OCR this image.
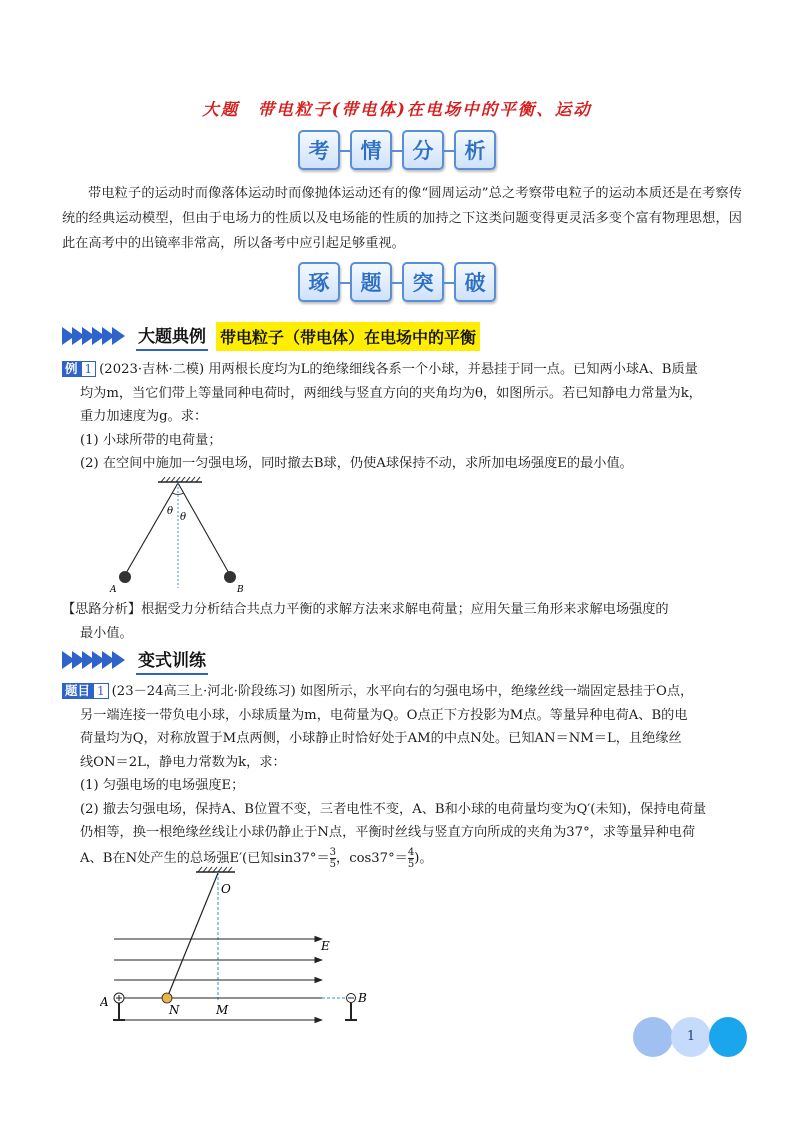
大题　带电粒子(带电体)在电场中的平衡、运动
考	情	分	析
带电粒子的运动时而像落体运动时而像抛体运动还有的像“圆周运动”总之考察带电粒子的运动本质还是在考察传统的经典运动模型，但由于电场力的性质以及电场能的性质的加持之下这类问题变得更灵活多变个富有物理思想，因此在高考中的出镜率非常高，所以备考中应引起足够重视。
琢	题	突	破
大题典例 带电粒子（带电体）在电场中的平衡
例 1 (2023·吉林·二模) 用两根长度均为L的绝缘细线各系一个小球，并悬挂于同一点。已知两小球A、B质量
均为m，当它们带上等量同种电荷时，两细线与竖直方向的夹角均为θ，如图所示。若已知静电力常量为k，
重力加速度为g。求：
(1) 小球所带的电荷量；
(2) 在空间中施加一匀强电场，同时撤去B球，仍使A球保持不动，求所加电场强度E的最小值。
θ
θ
A	B
【思路分析】根据受力分析结合共点力平衡的求解方法来求解电荷量；应用矢量三角形来求解电场强度的
最小值。
变式训练
题目 1 (23－24高三上·河北·阶段练习) 如图所示，水平向右的匀强电场中，绝缘丝线一端固定悬挂于O点，
另一端连接一带负电小球，小球质量为m，电荷量为Q。O点正下方投影为M点。等量异种电荷A、B的电
荷量均为Q，对称放置于M点两侧，小球静止时恰好处于AM的中点N处。已知AN＝NM＝L，且绝缘丝
线ON＝2L，静电力常数为k，求：
(1) 匀强电场的电场强度E；
(2) 撤去匀强电场，保持A、B位置不变，三者电性不变，A、B和小球的电荷量均变为Q′(未知)，保持电荷量
仍相等，换一根绝缘丝线让小球仍静止于N点，平衡时丝线与竖直方向所成的夹角为37°，求等量异种电荷
A、B在N处产生的总场强E′(已知$\sin 37^\circ= \frac{3}{5}$ ，$\cos 37^\circ= \frac{4}{5}$ )。
O
E
A
N	M
B
1
